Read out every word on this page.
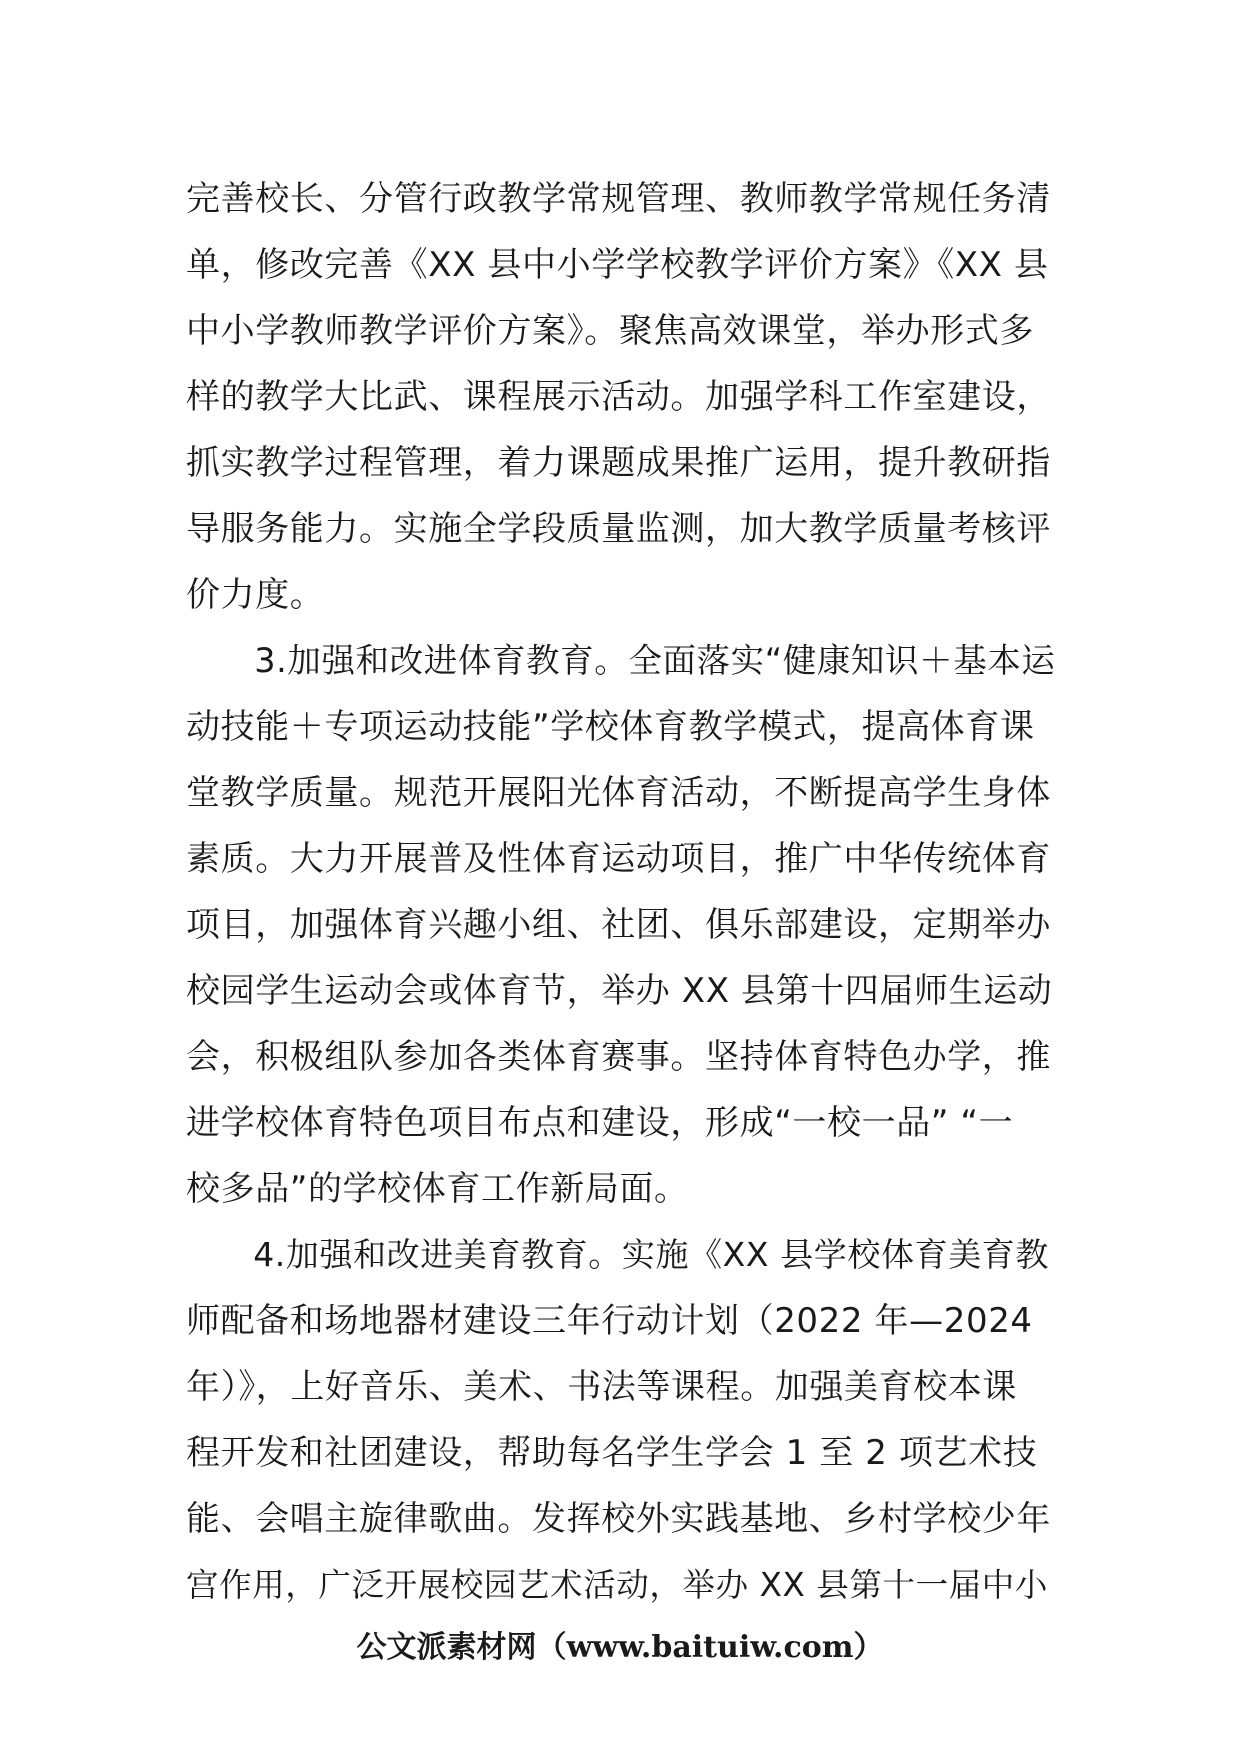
完善校长、分管行政教学常规管理、教师教学常规任务清
单，修改完善《XX 县中小学学校教学评价方案》《XX 县
中小学教师教学评价方案》。聚焦高效课堂，举办形式多
样的教学大比武、课程展示活动。加强学科工作室建设，
抓实教学过程管理，着力课题成果推广运用，提升教研指
导服务能力。实施全学段质量监测，加大教学质量考核评
价力度。
　　3.加强和改进体育教育。全面落实“健康知识＋基本运
动技能＋专项运动技能”学校体育教学模式，提高体育课
堂教学质量。规范开展阳光体育活动，不断提高学生身体
素质。大力开展普及性体育运动项目，推广中华传统体育
项目，加强体育兴趣小组、社团、俱乐部建设，定期举办
校园学生运动会或体育节，举办 XX 县第十四届师生运动
会，积极组队参加各类体育赛事。坚持体育特色办学，推
进学校体育特色项目布点和建设，形成“一校一品” “一
校多品”的学校体育工作新局面。
　　4.加强和改进美育教育。实施《XX 县学校体育美育教
师配备和场地器材建设三年行动计划（2022 年—2024
年）》，上好音乐、美术、书法等课程。加强美育校本课
程开发和社团建设，帮助每名学生学会 1 至 2 项艺术技
能、会唱主旋律歌曲。发挥校外实践基地、乡村学校少年
宫作用，广泛开展校园艺术活动，举办 XX 县第十一届中小
公文派素材网（www.baituiw.com）
